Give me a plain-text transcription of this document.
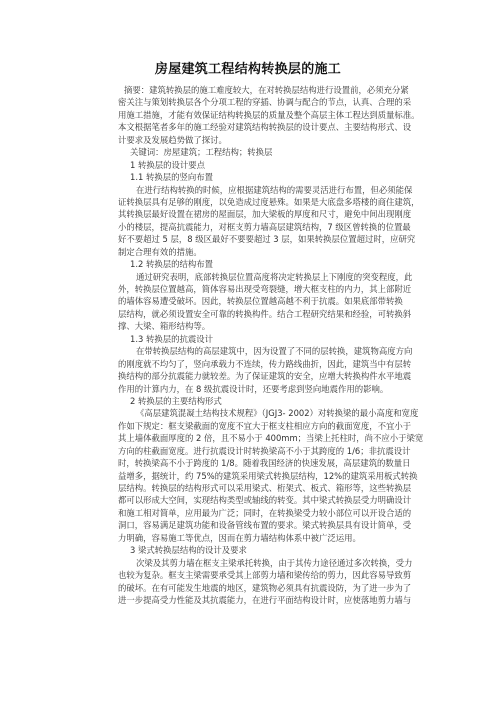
房屋建筑工程结构转换层的施工
摘要：建筑转换层的施工难度较大，在对转换层结构进行设置前，必须充分紧
密关注与策划转换层各个分项工程的穿插、协调与配合的节点，认真、合理的采
用施工措施，才能有效保证结构转换层的质量及整个高层主体工程达到质量标准。
本文根据笔者多年的施工经验对建筑结构转换层的设计要点、主要结构形式、设
计要求及发展趋势做了探讨。
关键词：房屋建筑；工程结构；转换层
1 转换层的设计要点
1.1 转换层的竖向布置
在进行结构转换的时候，应根据建筑结构的需要灵活进行布置，但必须能保
证转换层具有足够的刚度，以免造成过度悬殊。如果是大底盘多塔楼的商住建筑，
其转换层最好设置在裙房的屋面层，加大梁板的厚度和尺寸，避免中间出现刚度
小的楼层，提高抗震能力，对框支剪力墙高层建筑结构，7 级区曾转换的位置最
好不要超过 5 层，8 级区最好不要要超过 3 层，如果转换层位置超过时，应研究
制定合理有效的措施。
1.2 转换层的结构布置
通过研究表明，底部转换层位置高度将决定转换层上下刚度的突变程度，此
外，转换层位置越高，简体容易出现受弯裂缝，增大框支柱的内力，其上部附近
的墙体容易遭受破坏。因此，转换层位置越高越不利于抗震。如果底部带转换
层结构，就必须设置安全可靠的转换构件。结合工程研究结果和经验，可转换斜
撑、大梁、箱形结构等。
1.3 转换层的抗震设计
在带转换层结构的高层建筑中，因为设置了不同的层转换，建筑物高度方向
的刚度就不均匀了，竖向承载力不连续，传力路线曲折，因此，建筑当中有层转
换结构的部分抗震能力就较差。为了保证建筑的安全，应增大转换构件水平地震
作用的计算内力，在 8 级抗震设计时，还要考虑到竖向地震作用的影响。
2 转换层的主要结构形式
《高层建筑混凝土结构技术规程》（JGJ3- 2002）对转换梁的最小高度和宽度
作如下规定：框支梁截面的宽度不宜大于框支柱相应方向的截面宽度，不宜小于
其上墙体截面厚度的 2 倍，且不易小于 400mm；当梁上托柱时，尚不应小于梁宽
方向的柱截面宽度。进行抗震设计时转换梁高不小于其跨度的 1/6；非抗震设计
时，转换梁高不小于跨度的 1/8。随着我国经济的快速发展，高层建筑的数量日
益增多，据统计，约 75%的建筑采用梁式转换层结构，12%的建筑采用板式转换
层结构。转换层的结构形式可以采用梁式、桁架式、板式、箱形等，这些转换层
都可以形成大空间，实现结构类型或轴线的转变。其中梁式转换层受力明确设计
和施工相对简单，应用最为广泛；同时，在转换梁受力较小部位可以开设合适的
洞口，容易满足建筑功能和设备管线布置的要求。梁式转换层具有设计简单，受
力明确，容易施工等优点，因而在剪力墙结构体系中被广泛运用。
3 梁式转换层结构的设计及要求
次梁及其剪力墙在框支主梁承托转换，由于其传力途径通过多次转换，受力
也较为复杂。框支主梁需要承受其上部剪力墙和梁传给的剪力，因此容易导致剪
的破坏。在有可能发生地震的地区，建筑物必须具有抗震设防，为了进一步为了
进一步提高受力性能及其抗震能力，在进行平面结构设计时，应使落地剪力墙与
